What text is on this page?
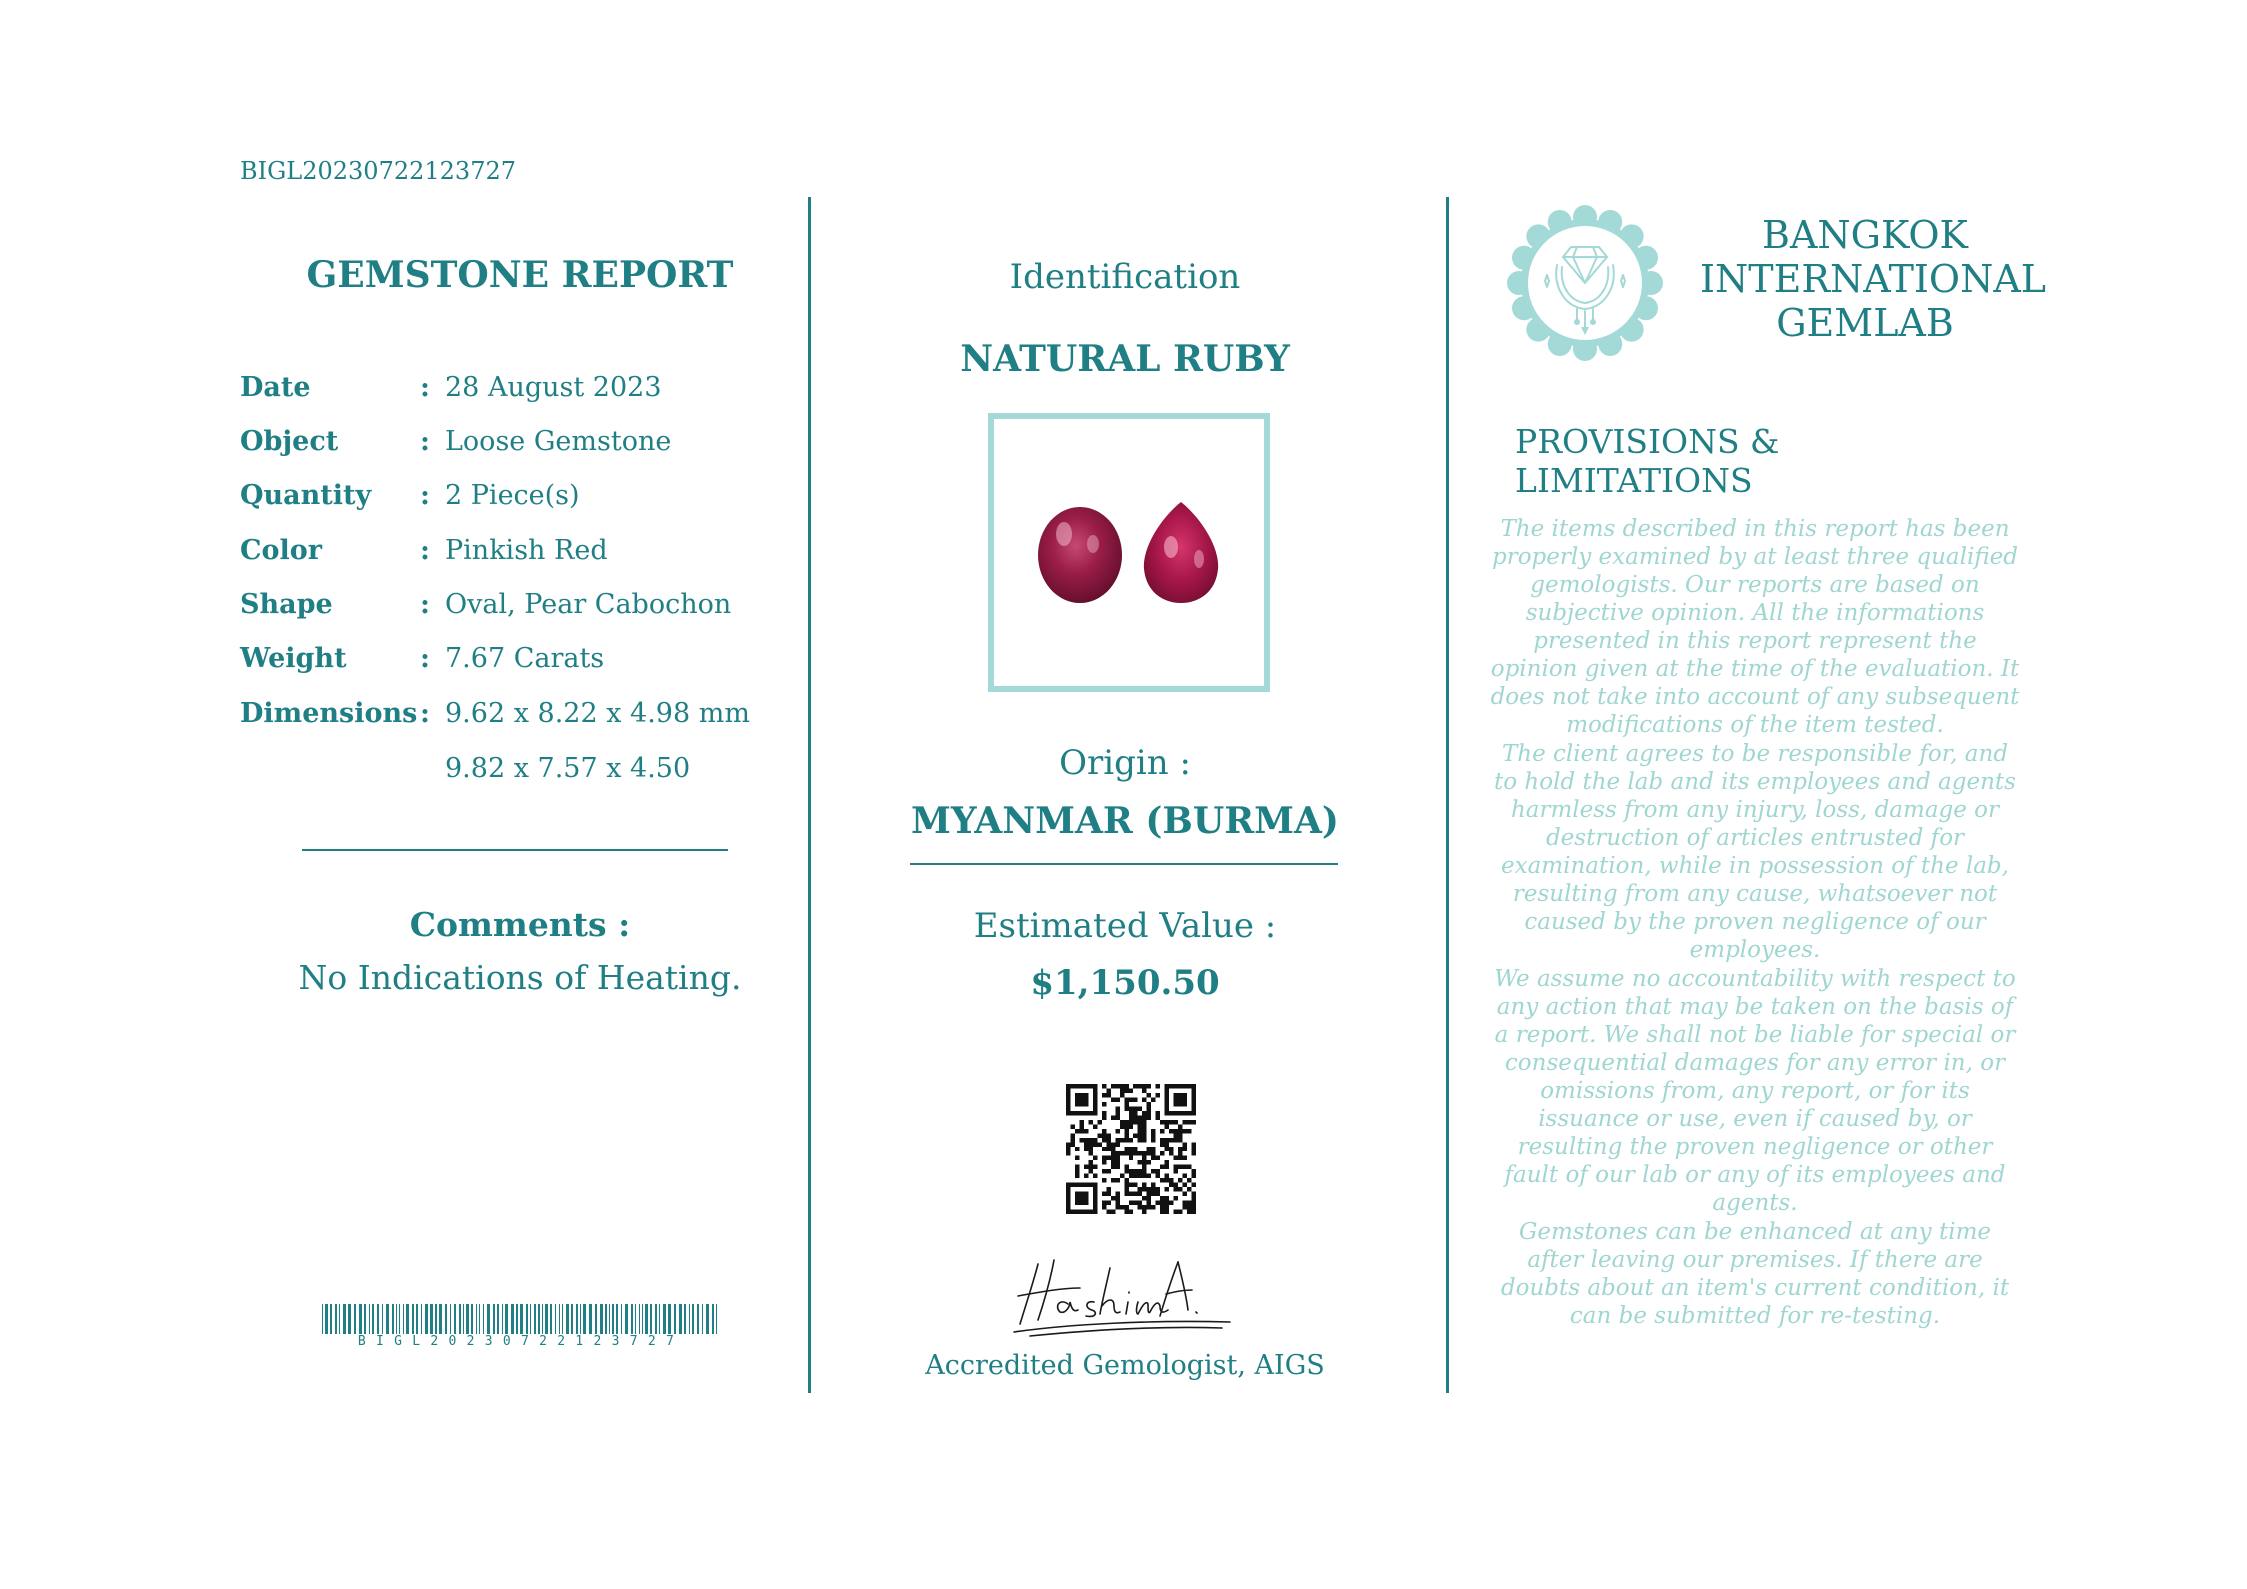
BIGL20230722123727
GEMSTONE REPORT
Date	: 28 August 2023
Object	: Loose Gemstone
Quantity : 2 Piece(s)
Color	: Pinkish Red
Shape	: Oval, Pear Cabochon
Weight	: 7.67 Carats
Dimensions : 9.62 x 8.22 x 4.98 mm
9.82 x 7.57 x 4.50
Comments :
No Indications of Heating.
BIGL20230722123727
Identification
NATURAL RUBY
Origin :
MYANMAR (BURMA)
Estimated Value :
$1,150.50
Accredited Gemologist, AIGS
BANGKOK
INTERNATIONAL
GEMLAB
PROVISIONS & LIMITATIONS
The items described in this report has been properly examined by at least three qualified gemologists. Our reports are based on subjective opinion. All the informations presented in this report represent the opinion given at the time of the evaluation. It does not take into account of any subsequent modifications of the item tested.
The client agrees to be responsible for, and to hold the lab and its employees and agents harmless from any injury, loss, damage or destruction of articles entrusted for examination, while in possession of the lab, resulting from any cause, whatsoever not caused by the proven negligence of our employees.
We assume no accountability with respect to any action that may be taken on the basis of a report. We shall not be liable for special or consequential damages for any error in, or omissions from, any report, or for its issuance or use, even if caused by, or resulting the proven negligence or other fault of our lab or any of its employees and agents.
Gemstones can be enhanced at any time after leaving our premises. If there are doubts about an item's current condition, it can be submitted for re-testing.
